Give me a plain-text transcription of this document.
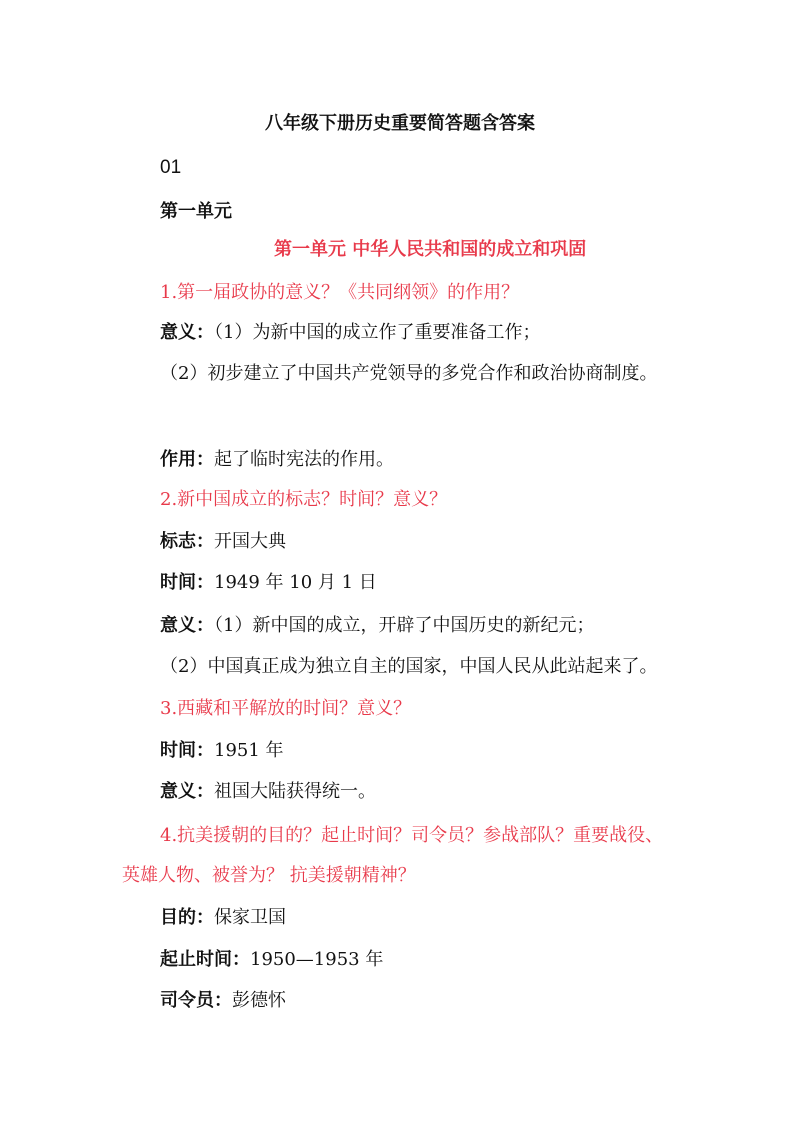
八年级下册历史重要简答题含答案
01
第一单元
第一单元 中华人民共和国的成立和巩固
1.第一届政协的意义？《共同纲领》的作用？
意义：（1）为新中国的成立作了重要准备工作；
（2）初步建立了中国共产党领导的多党合作和政治协商制度。
作用：起了临时宪法的作用。
2.新中国成立的标志？时间？意义？
标志：开国大典
时间：1949 年 10 月 1 日
意义：（1）新中国的成立，开辟了中国历史的新纪元；
（2）中国真正成为独立自主的国家，中国人民从此站起来了。
3.西藏和平解放的时间？意义？
时间：1951 年
意义：祖国大陆获得统一。
4.抗美援朝的目的？起止时间？司令员？参战部队？重要战役、
英雄人物、被誉为？ 抗美援朝精神？
目的：保家卫国
起止时间：1950—1953 年
司令员：彭德怀
